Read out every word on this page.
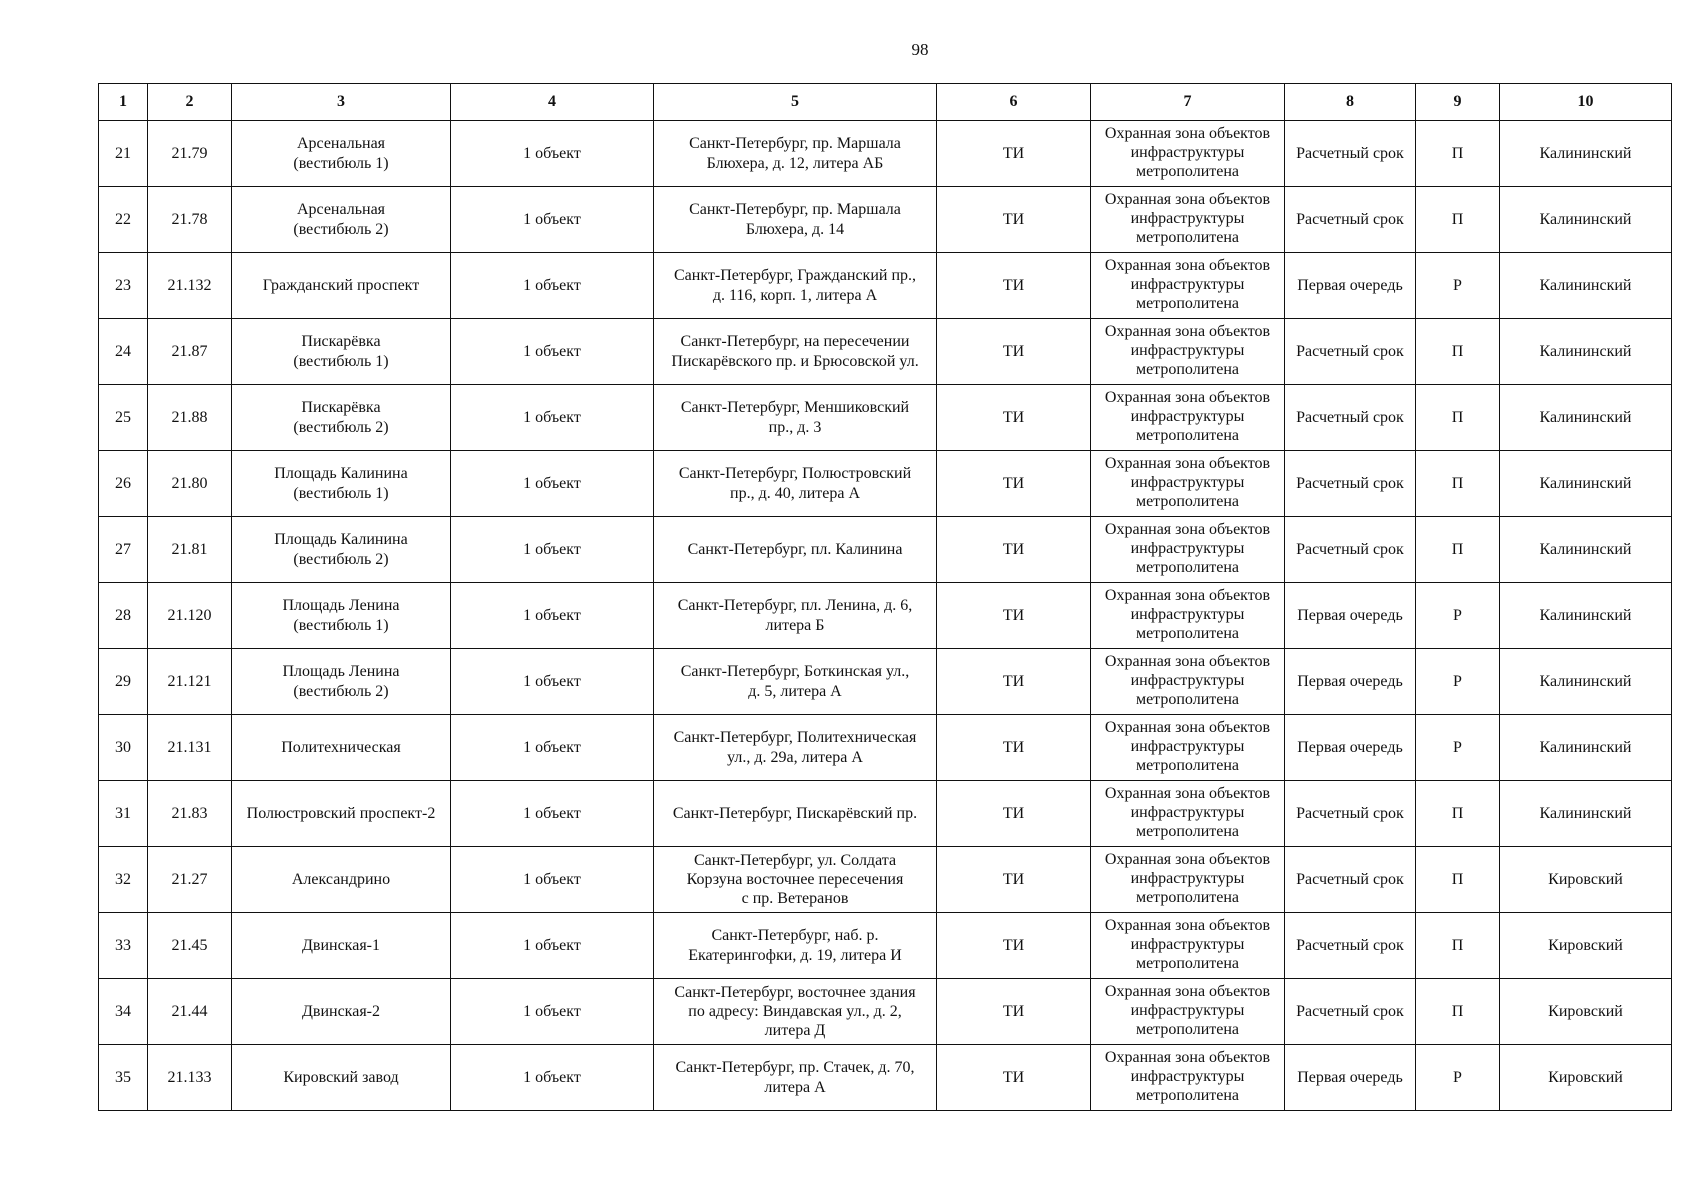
98
1	2	3	4	5	6	7	8	9	10
21	21.79	Арсенальная
(вестибюль 1)	1 объект	Санкт-Петербург, пр. Маршала
Блюхера, д. 12, литера АБ	ТИ	Охранная зона объектов
инфраструктуры
метрополитена	Расчетный срок	П	Калининский
22	21.78	Арсенальная
(вестибюль 2)	1 объект	Санкт-Петербург, пр. Маршала
Блюхера, д. 14	ТИ	Охранная зона объектов
инфраструктуры
метрополитена	Расчетный срок	П	Калининский
23	21.132	Гражданский проспект	1 объект	Санкт-Петербург, Гражданский пр.,
д. 116, корп. 1, литера А	ТИ	Охранная зона объектов
инфраструктуры
метрополитена	Первая очередь	Р	Калининский
24	21.87	Пискарёвка
(вестибюль 1)	1 объект	Санкт-Петербург, на пересечении
Пискарёвского пр. и Брюсовской ул.	ТИ	Охранная зона объектов
инфраструктуры
метрополитена	Расчетный срок	П	Калининский
25	21.88	Пискарёвка
(вестибюль 2)	1 объект	Санкт-Петербург, Меншиковский
пр., д. 3	ТИ	Охранная зона объектов
инфраструктуры
метрополитена	Расчетный срок	П	Калининский
26	21.80	Площадь Калинина
(вестибюль 1)	1 объект	Санкт-Петербург, Полюстровский
пр., д. 40, литера А	ТИ	Охранная зона объектов
инфраструктуры
метрополитена	Расчетный срок	П	Калининский
27	21.81	Площадь Калинина
(вестибюль 2)	1 объект	Санкт-Петербург, пл. Калинина	ТИ	Охранная зона объектов
инфраструктуры
метрополитена	Расчетный срок	П	Калининский
28	21.120	Площадь Ленина
(вестибюль 1)	1 объект	Санкт-Петербург, пл. Ленина, д. 6,
литера Б	ТИ	Охранная зона объектов
инфраструктуры
метрополитена	Первая очередь	Р	Калининский
29	21.121	Площадь Ленина
(вестибюль 2)	1 объект	Санкт-Петербург, Боткинская ул.,
д. 5, литера А	ТИ	Охранная зона объектов
инфраструктуры
метрополитена	Первая очередь	Р	Калининский
30	21.131	Политехническая	1 объект	Санкт-Петербург, Политехническая
ул., д. 29а, литера А	ТИ	Охранная зона объектов
инфраструктуры
метрополитена	Первая очередь	Р	Калининский
31	21.83	Полюстровский проспект-2	1 объект	Санкт-Петербург, Пискарёвский пр.	ТИ	Охранная зона объектов
инфраструктуры
метрополитена	Расчетный срок	П	Калининский
32	21.27	Александрино	1 объект	Санкт-Петербург, ул. Солдата
Корзуна восточнее пересечения
с пр. Ветеранов	ТИ	Охранная зона объектов
инфраструктуры
метрополитена	Расчетный срок	П	Кировский
33	21.45	Двинская-1	1 объект	Санкт-Петербург, наб. р.
Екатерингофки, д. 19, литера И	ТИ	Охранная зона объектов
инфраструктуры
метрополитена	Расчетный срок	П	Кировский
34	21.44	Двинская-2	1 объект	Санкт-Петербург, восточнее здания
по адресу: Виндавская ул., д. 2,
литера Д	ТИ	Охранная зона объектов
инфраструктуры
метрополитена	Расчетный срок	П	Кировский
35	21.133	Кировский завод	1 объект	Санкт-Петербург, пр. Стачек, д. 70,
литера А	ТИ	Охранная зона объектов
инфраструктуры
метрополитена	Первая очередь	Р	Кировский
